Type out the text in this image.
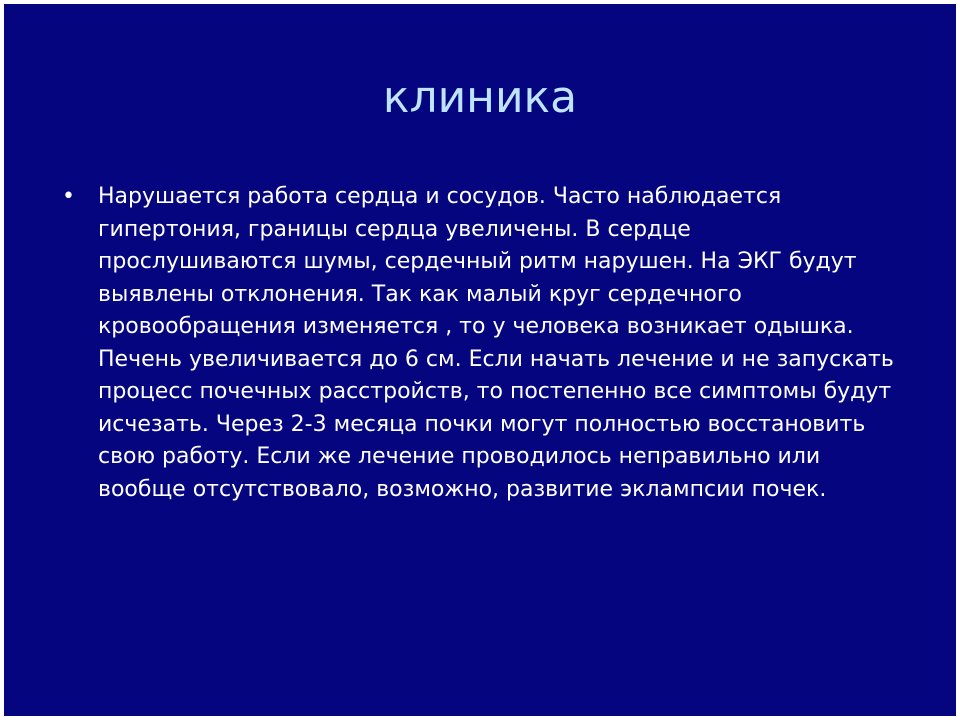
клиника
•	Нарушается работа сердца и сосудов. Часто наблюдается гипертония, границы сердца увеличены. В сердце прослушиваются шумы, сердечный ритм нарушен. На ЭКГ будут выявлены отклонения. Так как малый круг сердечного кровообращения изменяется , то у человека возникает одышка. Печень увеличивается до 6 см. Если начать лечение и не запускать процесс почечных расстройств, то постепенно все симптомы будут исчезать. Через 2-3 месяца почки могут полностью восстановить свою работу. Если же лечение проводилось неправильно или вообще отсутствовало, возможно, развитие эклампсии почек.
